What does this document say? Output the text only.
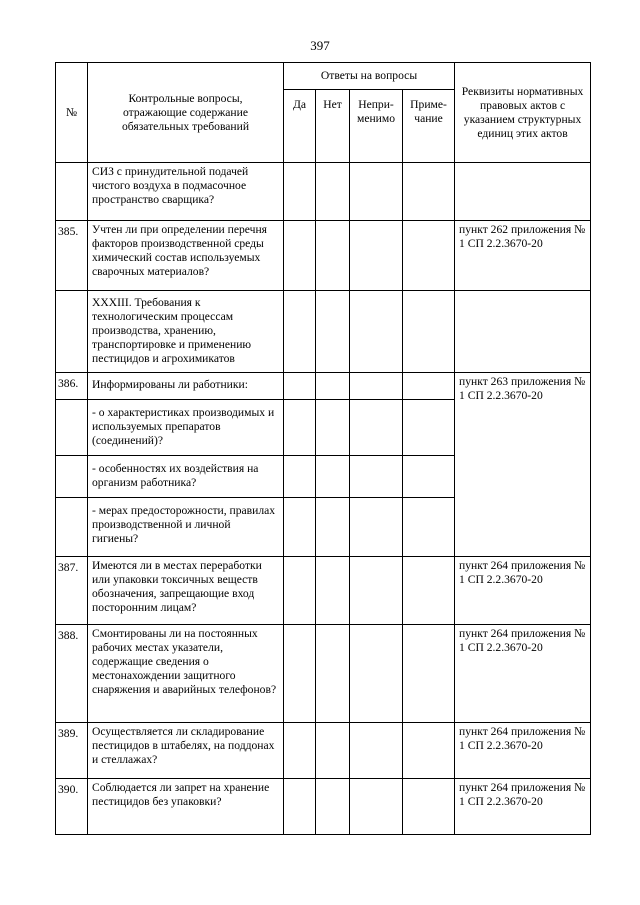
397
№	Контрольные вопросы, отражающие содержание обязательных требований	Ответы на вопросы				Реквизиты нормативных правовых актов с указанием структурных единиц этих актов
		Да	Нет	Непри-менимо	Приме-чание	
	СИЗ с принудительной подачей чистого воздуха в подмасочное пространство сварщика?					
385.	Учтен ли при определении перечня факторов производственной среды химический состав используемых сварочных материалов?					пункт 262 приложения № 1 СП 2.2.3670-20
	XXXIII. Требования к технологическим процессам производства, хранению, транспортировке и применению пестицидов и агрохимикатов					
386.	Информированы ли работники:					пункт 263 приложения № 1 СП 2.2.3670-20
	- о характеристиках производимых и используемых препаратов (соединений)?					
	- особенностях их воздействия на организм работника?					
	- мерах предосторожности, правилах производственной и личной гигиены?					
387.	Имеются ли в местах переработки или упаковки токсичных веществ обозначения, запрещающие вход посторонним лицам?					пункт 264 приложения № 1 СП 2.2.3670-20
388.	Смонтированы ли на постоянных рабочих местах указатели, содержащие сведения о местонахождении защитного снаряжения и аварийных телефонов?					пункт 264 приложения № 1 СП 2.2.3670-20
389.	Осуществляется ли складирование пестицидов в штабелях, на поддонах и стеллажах?					пункт 264 приложения № 1 СП 2.2.3670-20
390.	Соблюдается ли запрет на хранение пестицидов без упаковки?					пункт 264 приложения № 1 СП 2.2.3670-20
